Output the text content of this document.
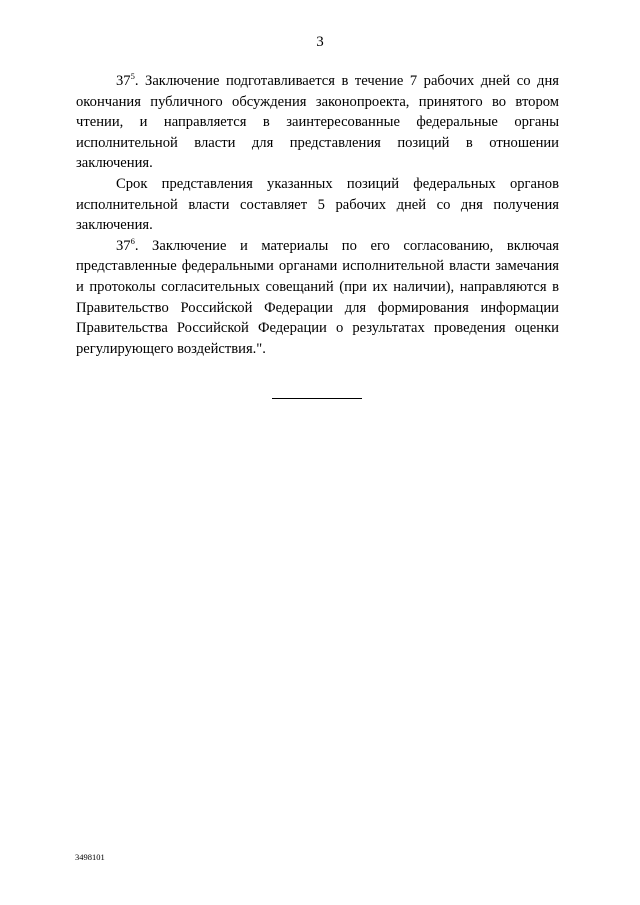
3

$37^5$. Заключение подготавливается в течение 7 рабочих дней со дня окончания публичного обсуждения законопроекта, принятого во втором чтении, и направляется в заинтересованные федеральные органы исполнительной власти для представления позиций в отношении заключения.

Срок представления указанных позиций федеральных органов исполнительной власти составляет 5 рабочих дней со дня получения заключения.

$37^6$. Заключение и материалы по его согласованию, включая представленные федеральными органами исполнительной власти замечания и протоколы согласительных совещаний (при их наличии), направляются в Правительство Российской Федерации для формирования информации Правительства Российской Федерации о результатах проведения оценки регулирующего воздействия.".

3498101
